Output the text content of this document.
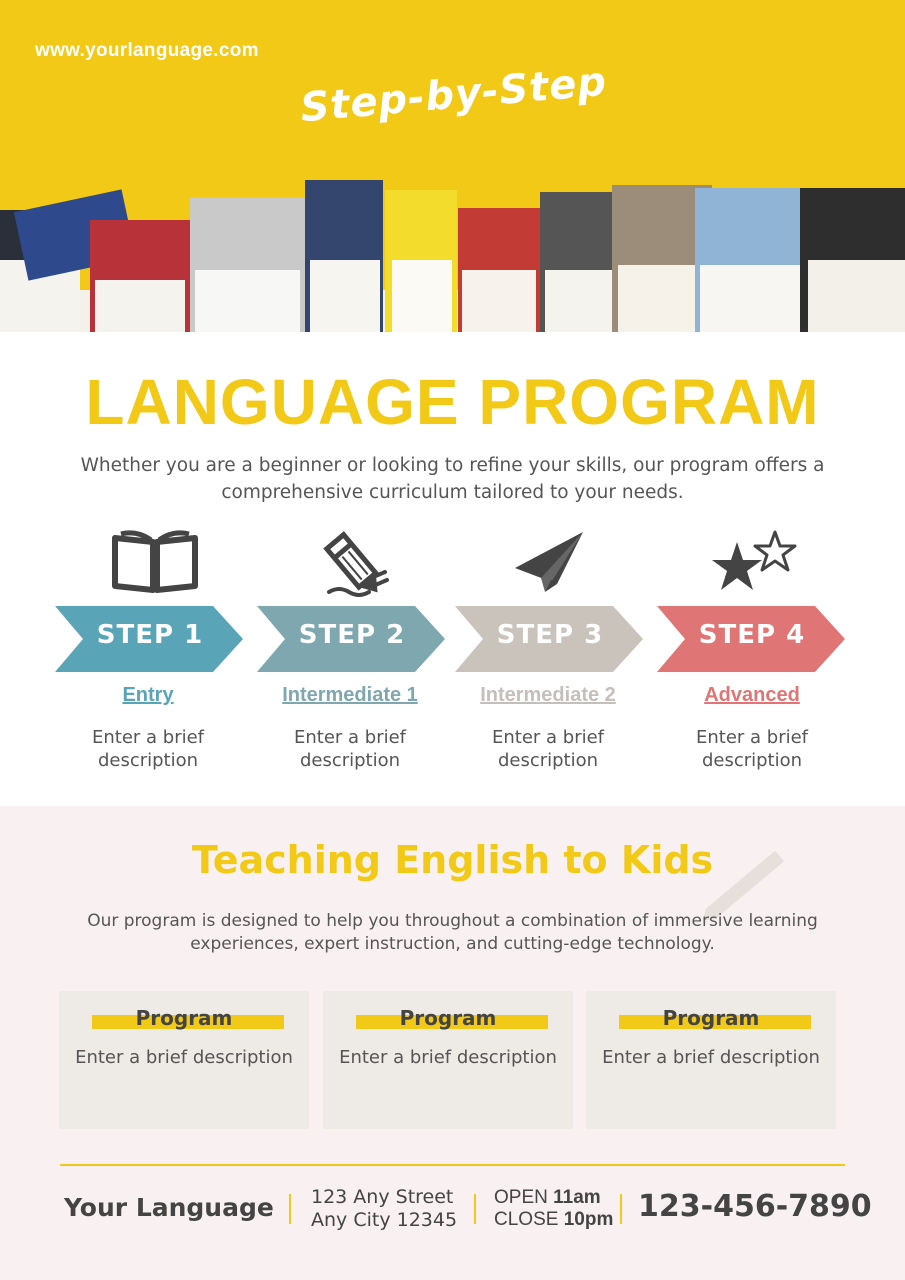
www.yourlanguage.com
Step-by-Step
LANGUAGE PROGRAM
Whether you are a beginner or looking to refine your skills, our program offers a comprehensive curriculum tailored to your needs.
STEP 1
Entry
Enter a brief description
STEP 2
Intermediate 1
Enter a brief description
STEP 3
Intermediate 2
Enter a brief description
STEP 4
Advanced
Enter a brief description
Teaching English to Kids
Our program is designed to help you throughout a combination of immersive learning experiences, expert instruction, and cutting-edge technology.
Program
Enter a brief description
Program
Enter a brief description
Program
Enter a brief description
Your Language 123 Any Street
Any City 12345
OPEN 11am
CLOSE 10pm 123-456-7890
